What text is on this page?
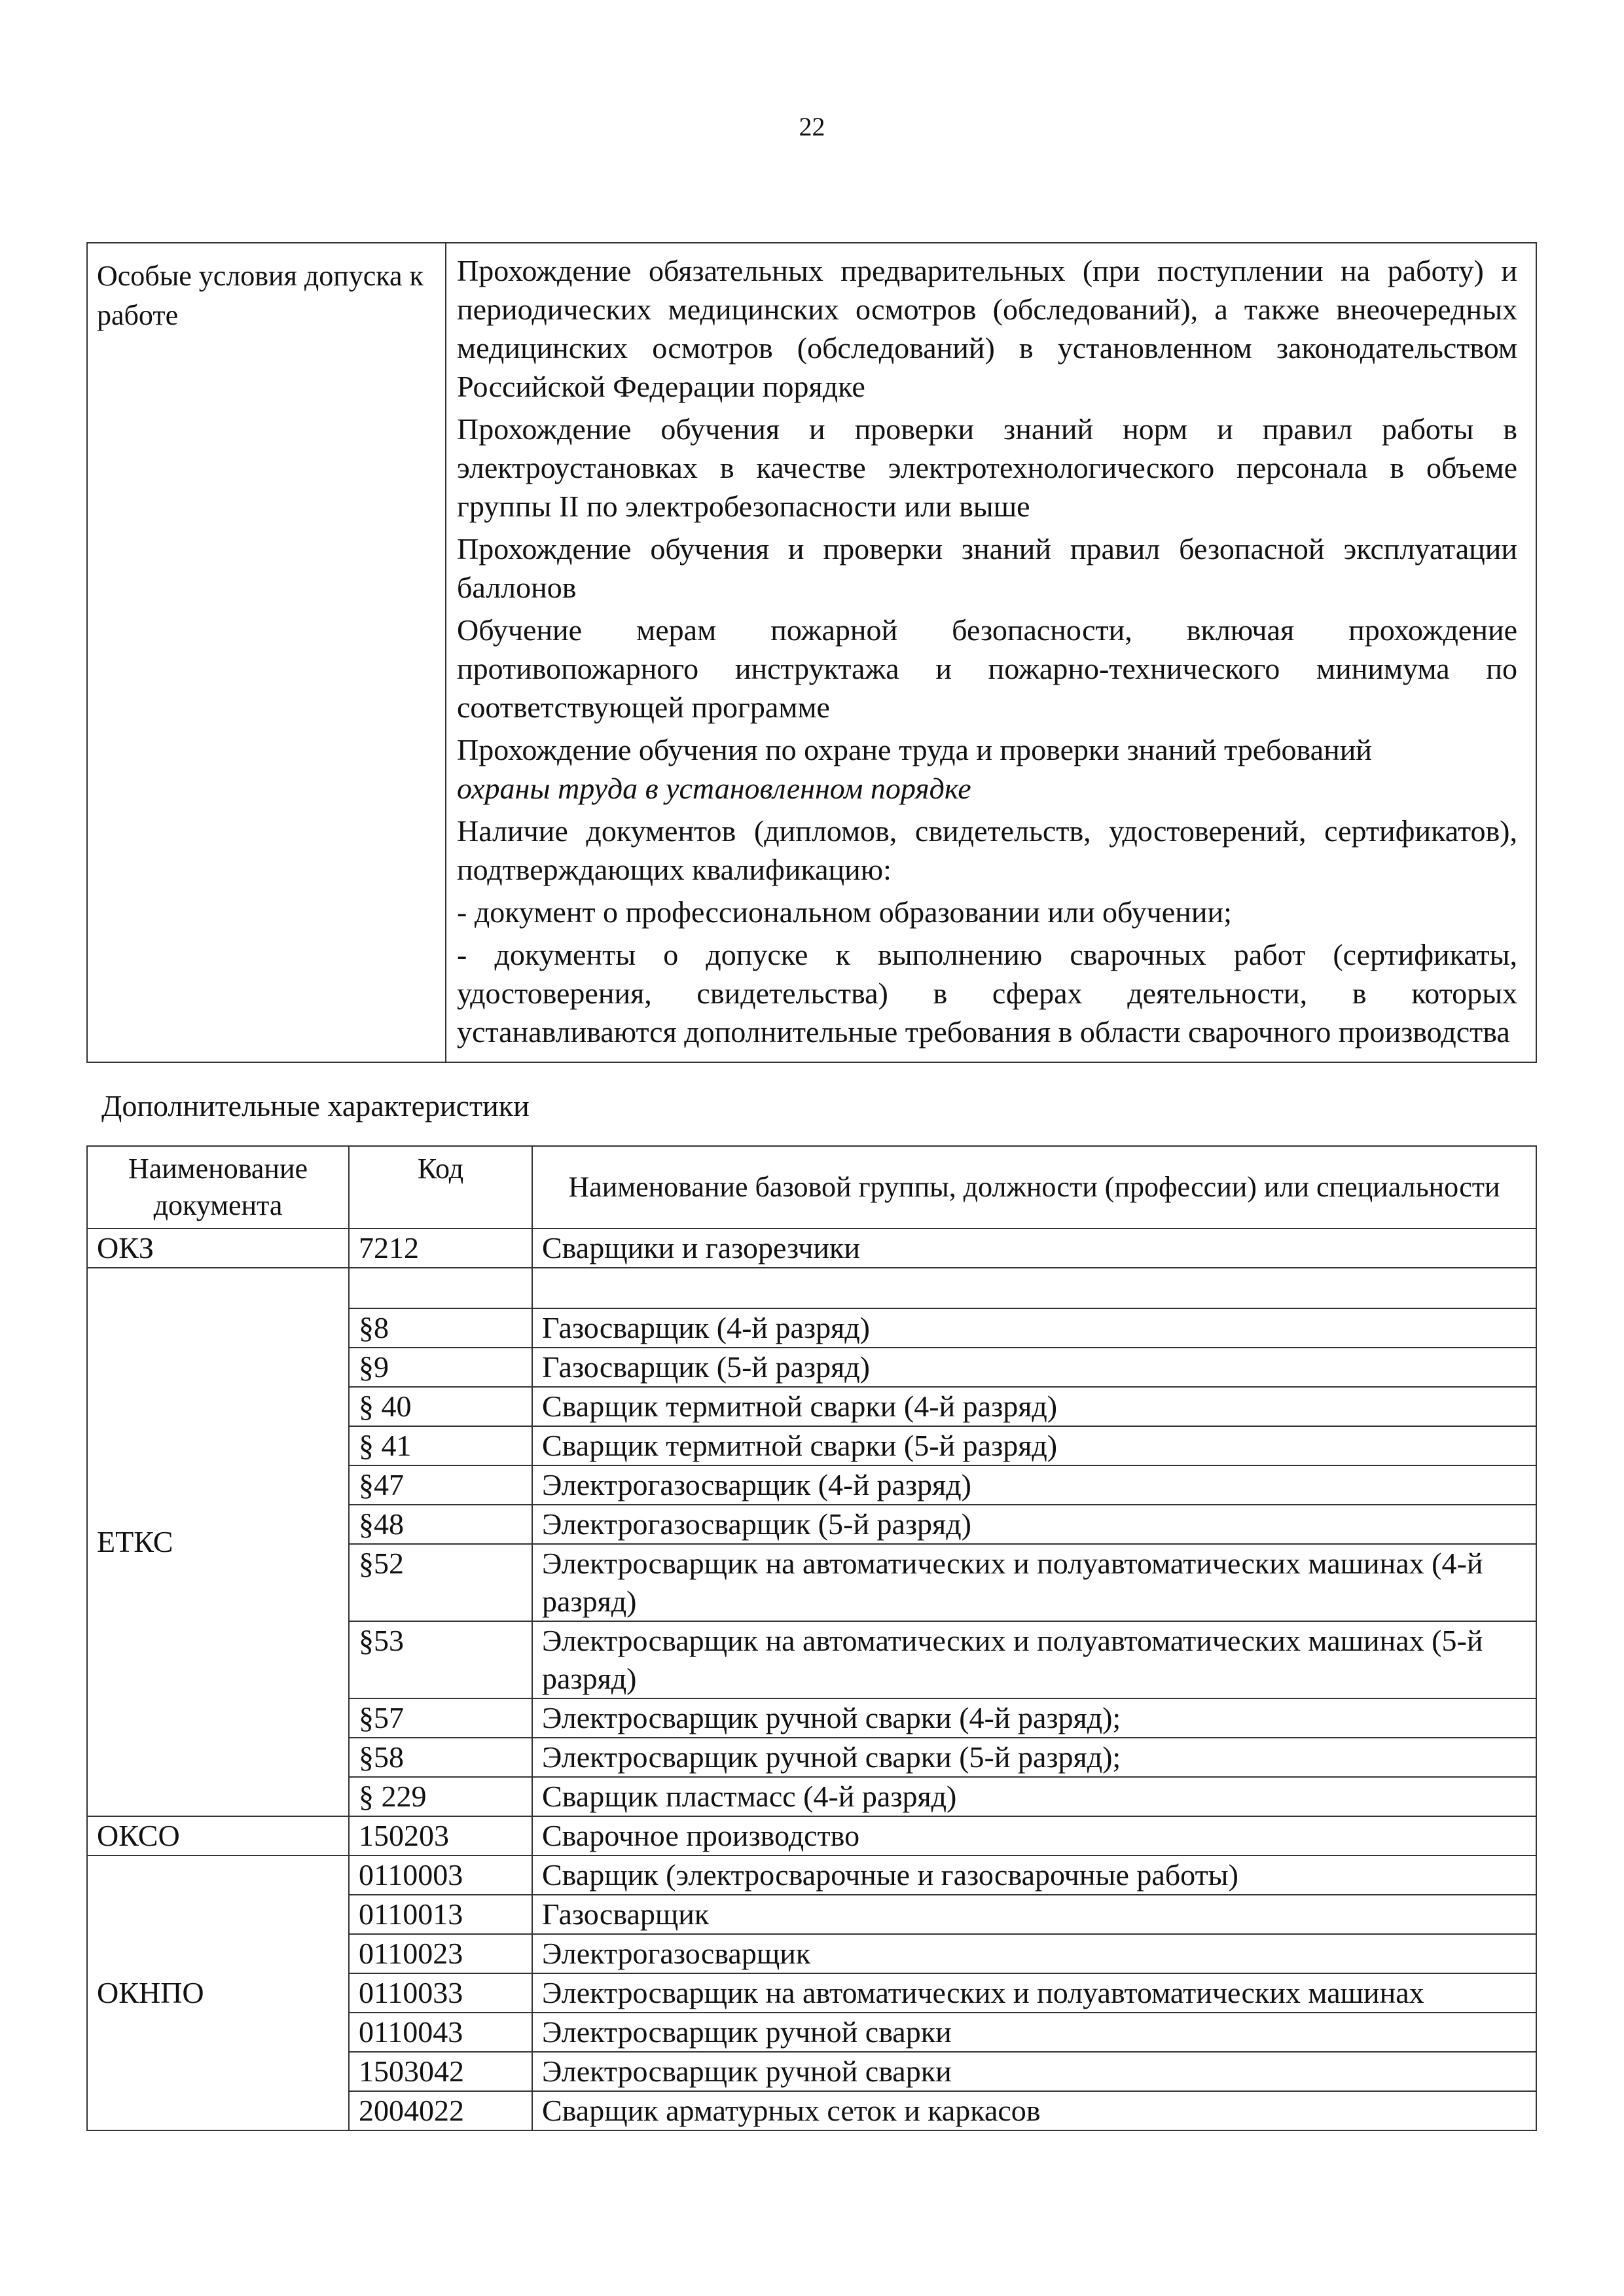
22
Особые условия допуска к работе	

Прохождение обязательных предварительных (при поступлении на работу) и периодических медицинских осмотров (обследований), а также внеочередных медицинских осмотров (обследований) в установленном законодательством Российской Федерации порядке

Прохождение обучения и проверки знаний норм и правил работы в электроустановках в качестве электротехнологического персонала в объеме группы II по электробезопасности или выше

Прохождение обучения и проверки знаний правил безопасной эксплуатации баллонов

Обучение мерам пожарной безопасности, включая прохождение противопожарного инструктажа и пожарно-технического минимума по соответствующей программе

Прохождение обучения по охране труда и проверки знаний требований

охраны труда в установленном порядке

Наличие документов (дипломов, свидетельств, удостоверений, сертификатов), подтверждающих квалификацию:

- документ о профессиональном образовании или обучении;

- документы о допуске к выполнению сварочных работ (сертификаты, удостоверения, свидетельства) в сферах деятельности, в которых устанавливаются дополнительные требования в области сварочного производства

Дополнительные характеристики
Наименование документа	Код	Наименование базовой группы, должности (профессии) или специальности
ОКЗ	7212	Сварщики и газорезчики
ЕТКС		
	§8	Газосварщик (4-й разряд)
	§9	Газосварщик (5-й разряд)
	§ 40	Сварщик термитной сварки (4-й разряд)
	§ 41	Сварщик термитной сварки (5-й разряд)
	§47	Электрогазосварщик (4-й разряд)
	§48	Электрогазосварщик (5-й разряд)
	§52	Электросварщик на автоматических и полуавтоматических машинах (4-й разряд)
	§53	Электросварщик на автоматических и полуавтоматических машинах (5-й разряд)
	§57	Электросварщик ручной сварки (4-й разряд);
	§58	Электросварщик ручной сварки (5-й разряд);
	§ 229	Сварщик пластмасс (4-й разряд)
ОКСО	150203	Сварочное производство
ОКНПО	0110003	Сварщик (электросварочные и газосварочные работы)
	0110013	Газосварщик
	0110023	Электрогазосварщик
	0110033	Электросварщик на автоматических и полуавтоматических машинах
	0110043	Электросварщик ручной сварки
	1503042	Электросварщик ручной сварки
	2004022	Сварщик арматурных сеток и каркасов
